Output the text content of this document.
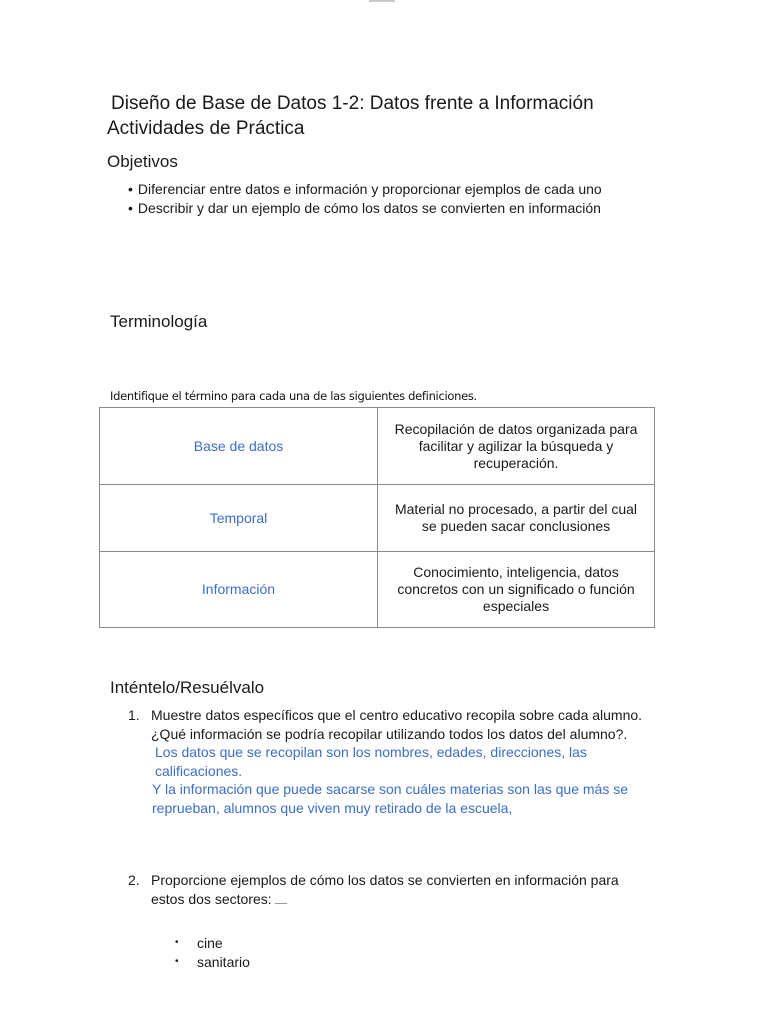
Diseño de Base de Datos 1-2: Datos frente a Información
Actividades de Práctica
Objetivos
• Diferenciar entre datos e información y proporcionar ejemplos de cada uno
• Describir y dar un ejemplo de cómo los datos se convierten en información
Terminología
Identifique el término para cada una de las siguientes definiciones.
Base de datos	Recopilación de datos organizada para facilitar y agilizar la búsqueda y recuperación.
Temporal	Material no procesado, a partir del cual se pueden sacar conclusiones
Información	Conocimiento, inteligencia, datos concretos con un significado o función especiales
Inténtelo/Resuélvalo
1. Muestre datos específicos que el centro educativo recopila sobre cada alumno.¿Qué información se podría recopilar utilizando todos los datos del alumno?.
Los datos que se recopilan son los nombres, edades, direcciones, las calificaciones.
Y la información que puede sacarse son cuáles materias son las que más se reprueban, alumnos que viven muy retirado de la escuela,
2. Proporcione ejemplos de cómo los datos se convierten en información para estos dos sectores:
• cine
• sanitario
